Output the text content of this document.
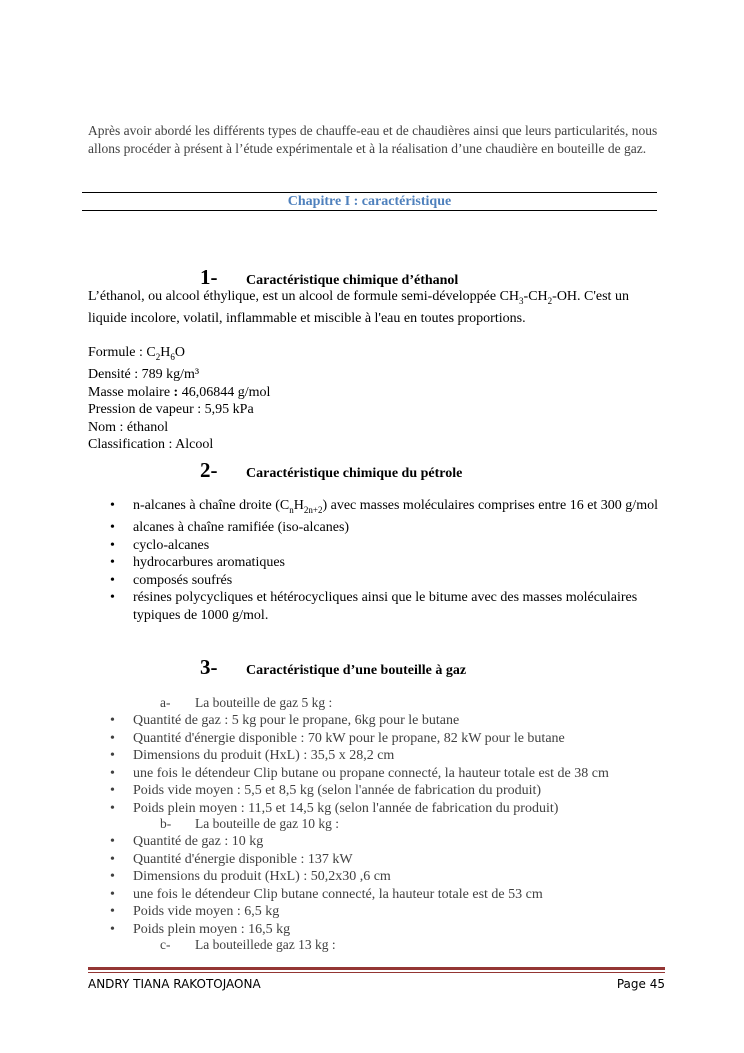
Après avoir abordé les différents types de chauffe-eau et de chaudières ainsi que leurs particularités, nous allons procéder à présent à l’étude expérimentale et à la réalisation d’une chaudière en bouteille de gaz.

Chapitre I : caractéristique
1- Caractéristique chimique d’éthanol

L’éthanol, ou alcool éthylique, est un alcool de formule semi-développée $CH_3-CH_2-OH$. C'est un liquide incolore, volatil, inflammable et miscible à l'eau en toutes proportions.

Formule : $C_2H_6O$

Densité : 789 kg/m³

Masse molaire : 46,06844 g/mol

Pression de vapeur : 5,95 kPa

Nom : éthanol

Classification : Alcool

2- Caractéristique chimique du pétrole
• n-alcanes à chaîne droite $(C_nH_{2n+2})$ avec masses moléculaires comprises entre 16 et 300 g/mol
• alcanes à chaîne ramifiée (iso-alcanes)
• cyclo-alcanes
• hydrocarbures aromatiques
• composés soufrés
• résines polycycliques et hétérocycliques ainsi que le bitume avec des masses moléculaires typiques de 1000 g/mol.
3- Caractéristique d’une bouteille à gaz
a- La bouteille de gaz 5 kg :
• Quantité de gaz : 5 kg pour le propane, 6kg pour le butane
• Quantité d'énergie disponible : 70 kW pour le propane, 82 kW pour le butane
• Dimensions du produit (HxL) : 35,5 x 28,2 cm
• une fois le détendeur Clip butane ou propane connecté, la hauteur totale est de 38 cm
• Poids vide moyen : 5,5 et 8,5 kg (selon l'année de fabrication du produit)
• Poids plein moyen : 11,5 et 14,5 kg (selon l'année de fabrication du produit)
b- La bouteille de gaz 10 kg :
• Quantité de gaz : 10 kg
• Quantité d'énergie disponible : 137 kW
• Dimensions du produit (HxL) : 50,2x30 ,6 cm
• une fois le détendeur Clip butane connecté, la hauteur totale est de 53 cm
• Poids vide moyen : 6,5 kg
• Poids plein moyen : 16,5 kg
c- La bouteillede gaz 13 kg :
ANDRY TIANA RAKOTOJAONA	Page 45
